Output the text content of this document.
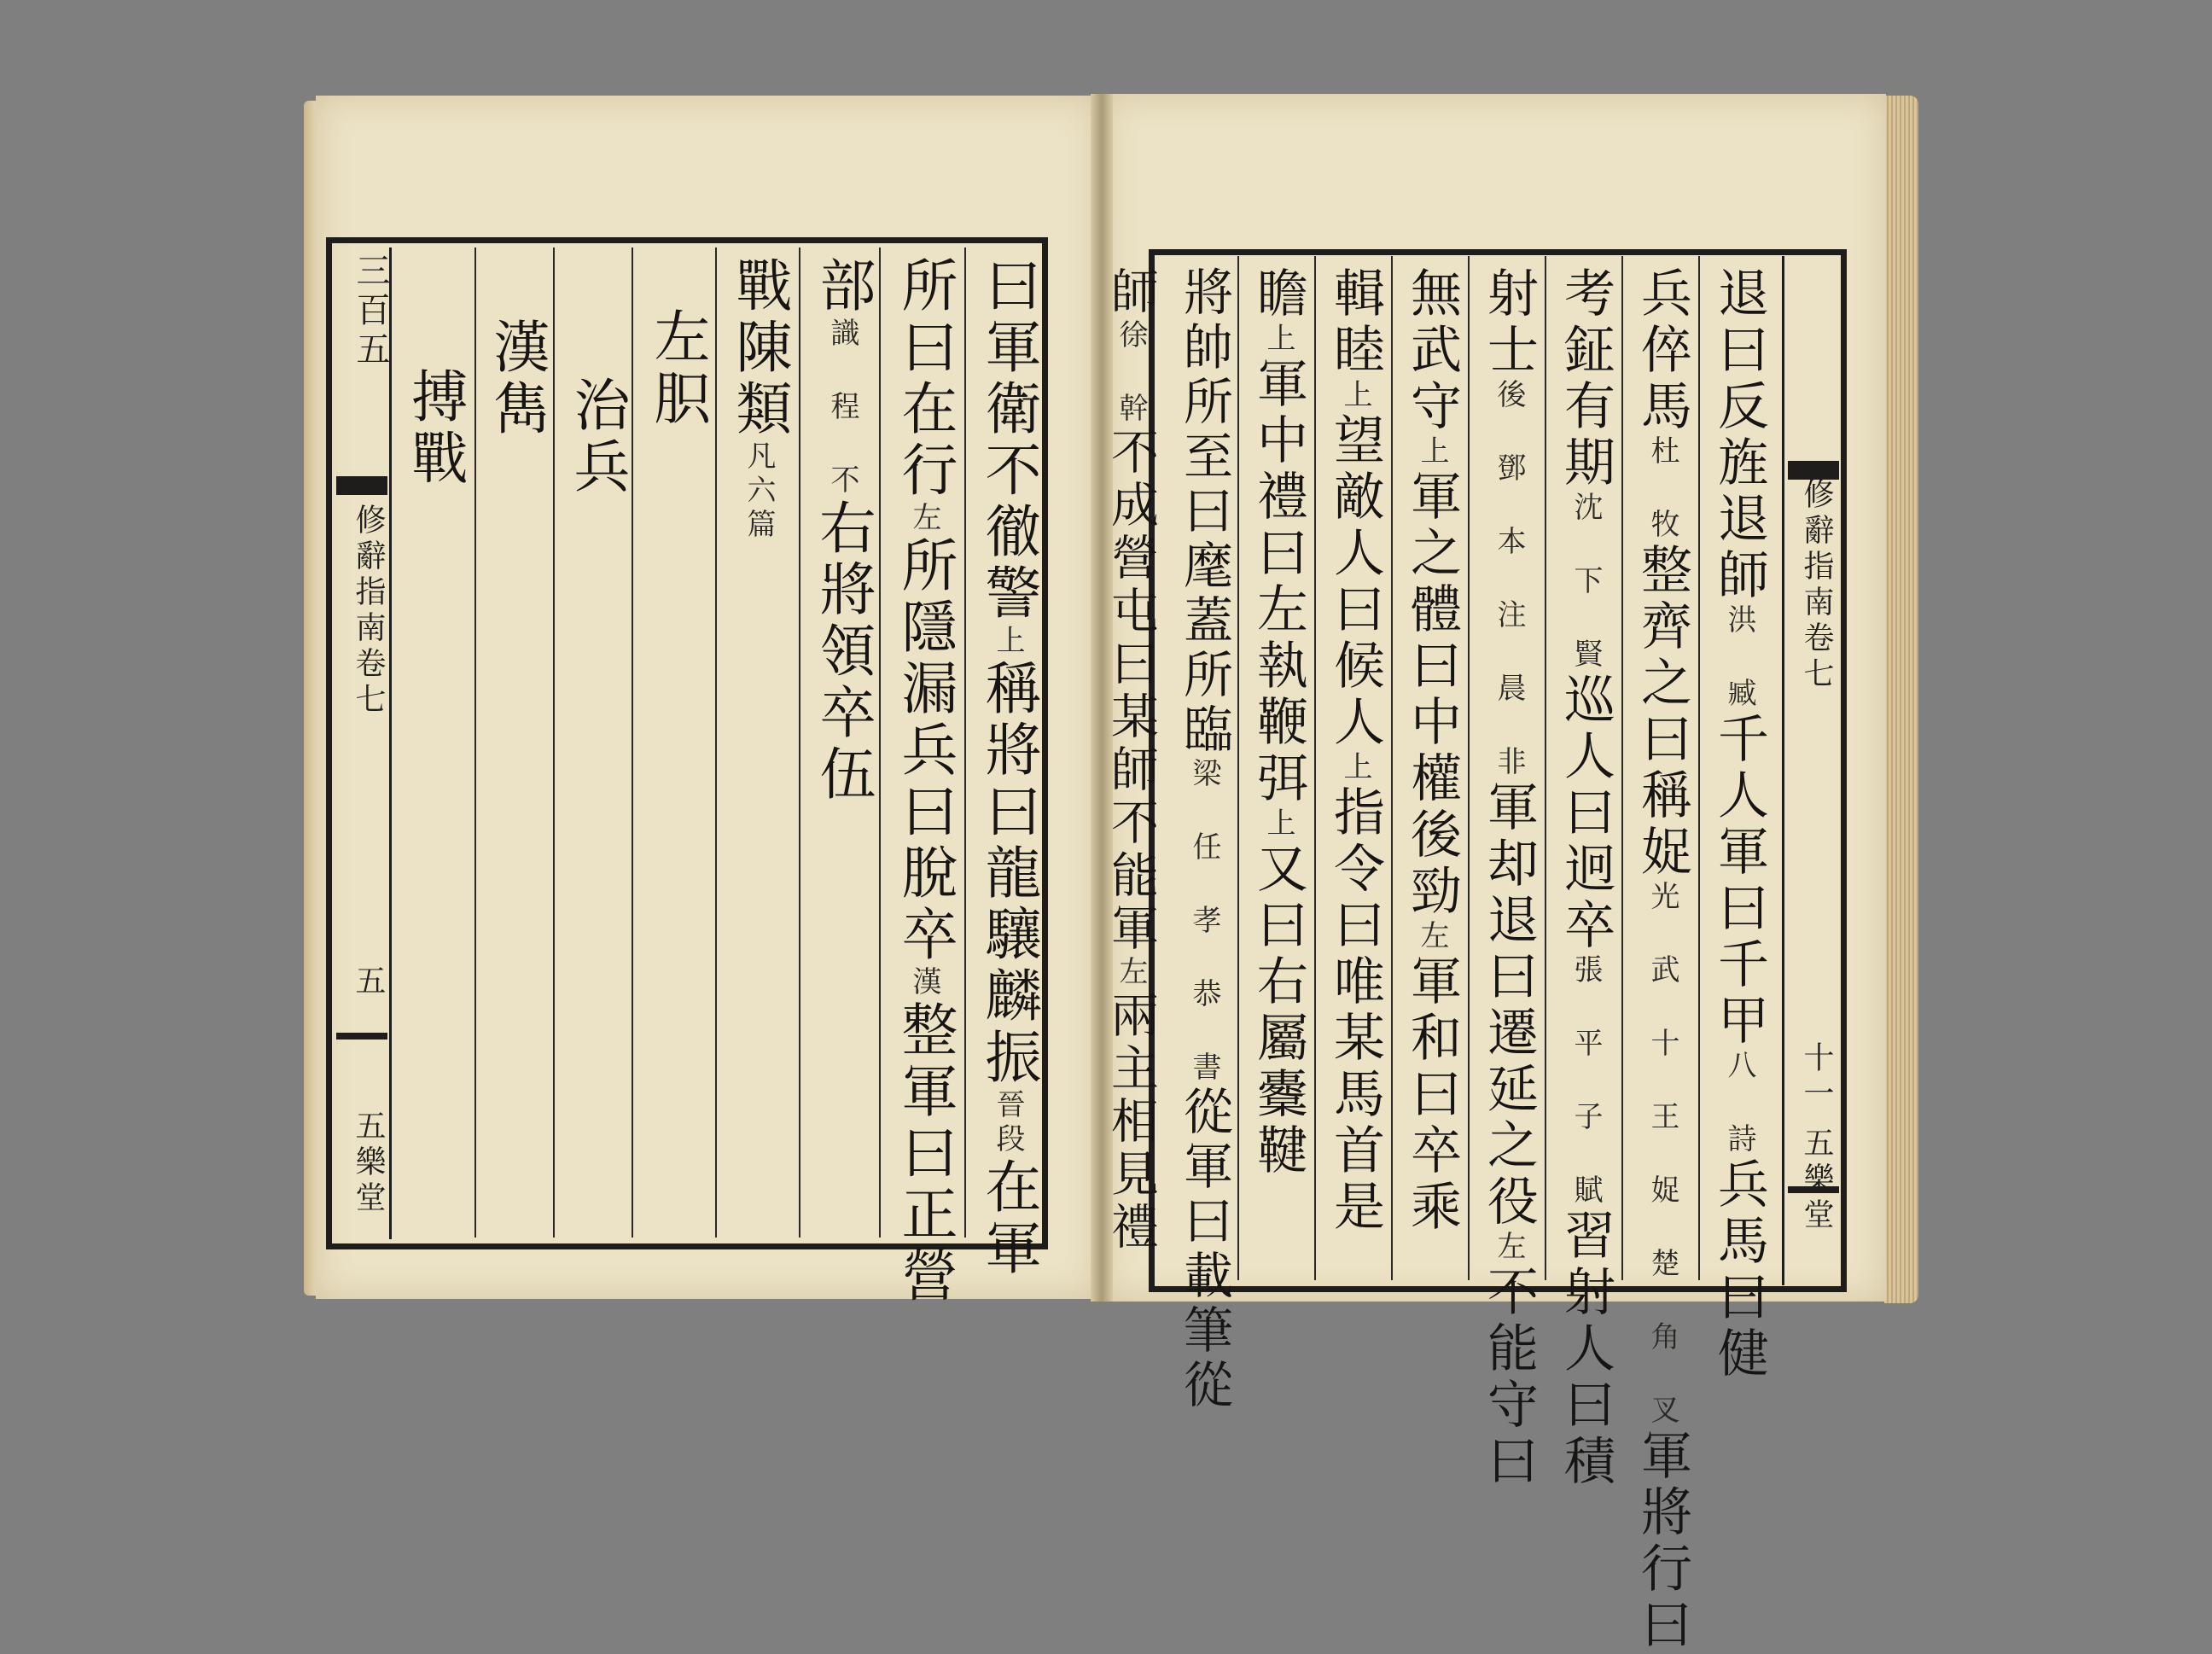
三百五
修辭指南卷七
五
五樂堂
曰軍衛不徹警上稱將曰龍驤麟振晉段在軍
所曰在行左所隱漏兵曰脫卒漢整軍曰正營
部識 程 不右將領卒伍
戰陳類凡六篇
左胑
治兵
漢雋
搏戰
修辭指南卷七
十一
五樂堂
退曰反旌退師洪 臧千人軍曰千甲八 詩兵馬曰健
兵倅馬杜 牧整齊之曰稱娖光 武 十 王 娖 楚 角 叉軍將行曰
考鉦有期沈 下 賢巡人曰迥卒張 平 子 賦習射人曰積
射士後 鄧 本 注 晨 非軍却退曰遷延之役左不能守曰
無武守上軍之體曰中權後勁左軍和曰卒乘
輯睦上望敵人曰候人上指令曰唯某馬首是
瞻上軍中禮曰左執鞭弭上又曰右屬櫜鞬
將帥所至曰麾蓋所臨梁 任 孝 恭 書從軍曰載筆從
師徐 幹不成營屯曰某師不能軍左兩主相見禮
